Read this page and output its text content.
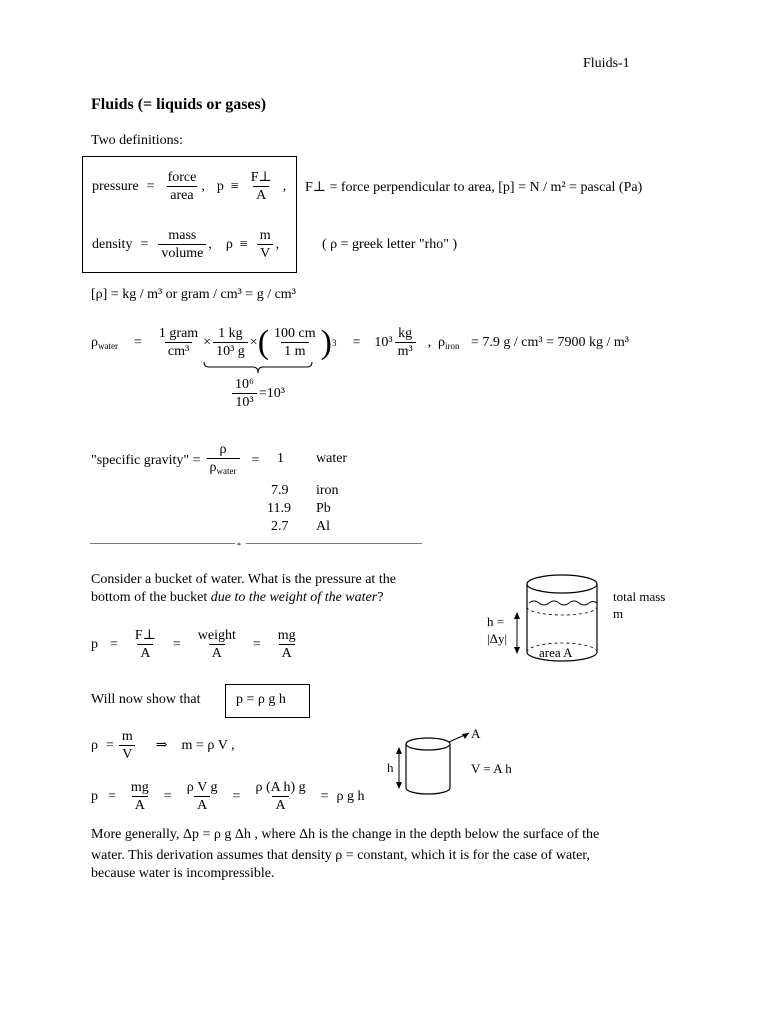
Fluids-1
Fluids (= liquids or gases)
Two definitions:
pressure = $\frac{\text{force}}{\text{area}}$ , $p \equiv \frac{F\perp}{A}$ , F⊥ = force perpendicular to area, [p] = N / m² = pascal (Pa)
density = $\frac{\text{mass}}{\text{volume}}$ , $\rho \equiv \frac{m}{V}$ ,	( ρ = greek letter "rho" )
[ρ] = kg / m³ or gram / cm³ = g / cm³
$\rho_{water} = \frac{\text{1 gram}}{\text{cm³}} \times \frac{1 kg}{\text{10³ g}}$ × ( $\frac{100 cm}{1 m}$ ) $3 = 10^3 \frac{kg}{\text{m³}}$ , $\rho_{iron} = 7.9$ g / cm³ = 7900 kg / m³
$\frac{\text{10⁶}}{\text{10³}} =10^3$
"specific gravity" = $\frac{\rho}{\rho_{water}} = 1$ water
7.9 iron
11.9 Pb
2.7 Al
*
Consider a bucket of water. What is the pressure at the
bottom of the bucket due to the weight of the water?
$p = \frac{F\perp}{A} = \frac{\text{weight}}{A} = \frac{mg}{A}$
total mass
m
h =
|Δy|
area A
Will now show that	p = ρ g h
$\rho = \frac{m}{V}$ ⇒ m = ρ V ,
$p = \frac{mg}{A} = \frac{\text{ρ V g}}{A} = \frac{\text{ρ (A h) g}}{A} = \rho$ g h
A
h	V = A h
More generally, Δp = ρ g Δh , where Δh is the change in the depth below the surface of the
water. This derivation assumes that density ρ = constant, which it is for the case of water,
because water is incompressible.
